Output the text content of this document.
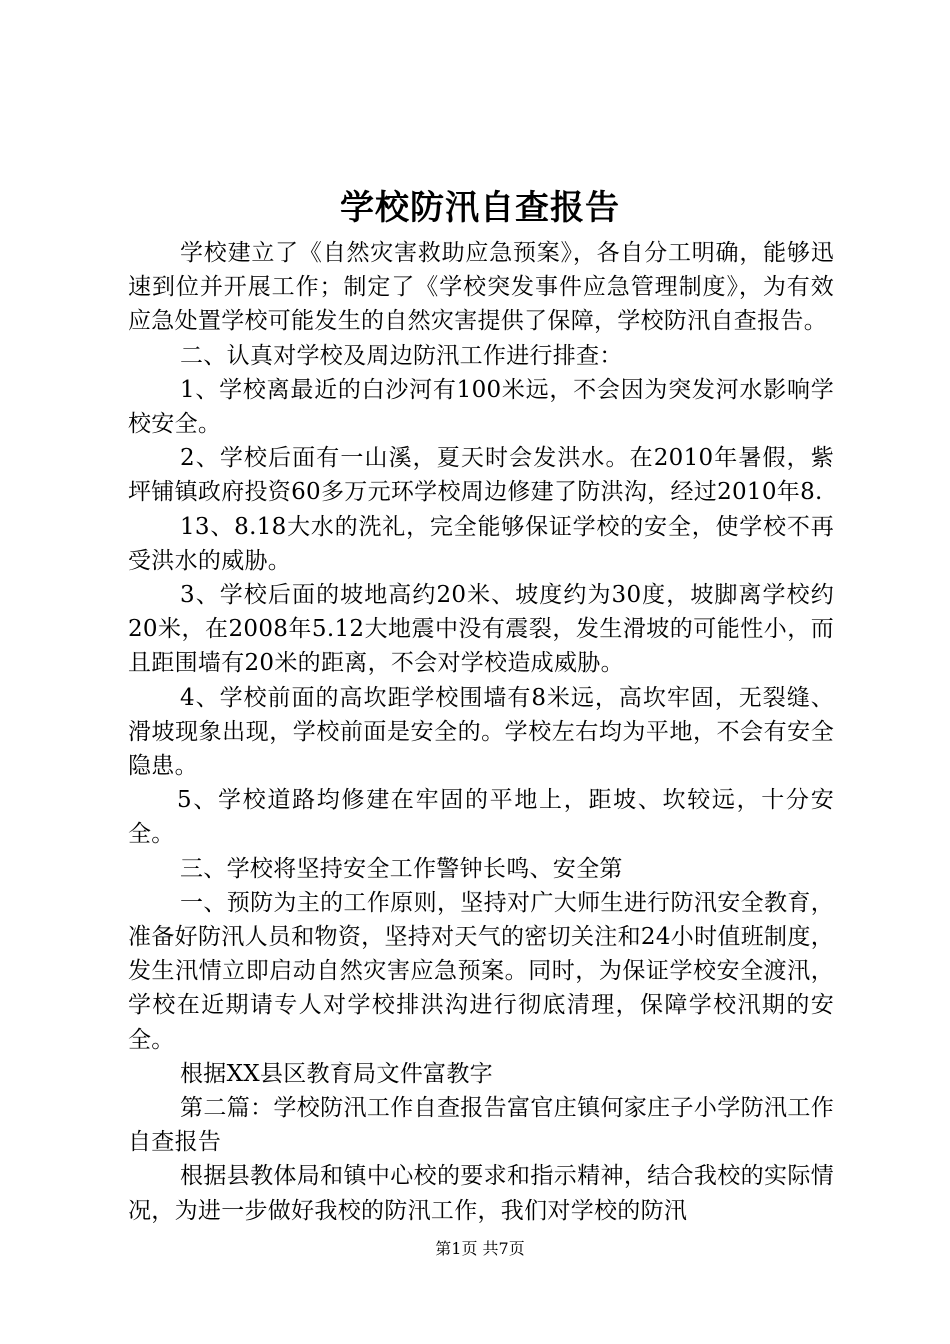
学校防汛自查报告

学校建立了《自然灾害救助应急预案》，各自分工明确，能够迅速到位并开展工作；制定了《学校突发事件应急管理制度》，为有效应急处置学校可能发生的自然灾害提供了保障，学校防汛自查报告。

二、认真对学校及周边防汛工作进行排查：

1、学校离最近的白沙河有100米远，不会因为突发河水影响学校安全。

2、学校后面有一山溪，夏天时会发洪水。在2010年暑假，紫坪铺镇政府投资60多万元环学校周边修建了防洪沟，经过2010年8.

13、8.18大水的洗礼，完全能够保证学校的安全，使学校不再受洪水的威胁。

3、学校后面的坡地高约20米、坡度约为30度，坡脚离学校约20米，在2008年5.12大地震中没有震裂，发生滑坡的可能性小，而且距围墙有20米的距离，不会对学校造成威胁。

4、学校前面的高坎距学校围墙有8米远，高坎牢固，无裂缝、滑坡现象出现，学校前面是安全的。学校左右均为平地，不会有安全隐患。

5、学校道路均修建在牢固的平地上，距坡、坎较远，十分安全。

三、学校将坚持安全工作警钟长鸣、安全第

一、预防为主的工作原则，坚持对广大师生进行防汛安全教育，准备好防汛人员和物资，坚持对天气的密切关注和24小时值班制度，发生汛情立即启动自然灾害应急预案。同时，为保证学校安全渡汛，学校在近期请专人对学校排洪沟进行彻底清理，保障学校汛期的安全。

根据XX县区教育局文件富教字

第二篇：学校防汛工作自查报告富官庄镇何家庄子小学防汛工作自查报告

根据县教体局和镇中心校的要求和指示精神，结合我校的实际情况，为进一步做好我校的防汛工作，我们对学校的防汛

第1页 共7页
